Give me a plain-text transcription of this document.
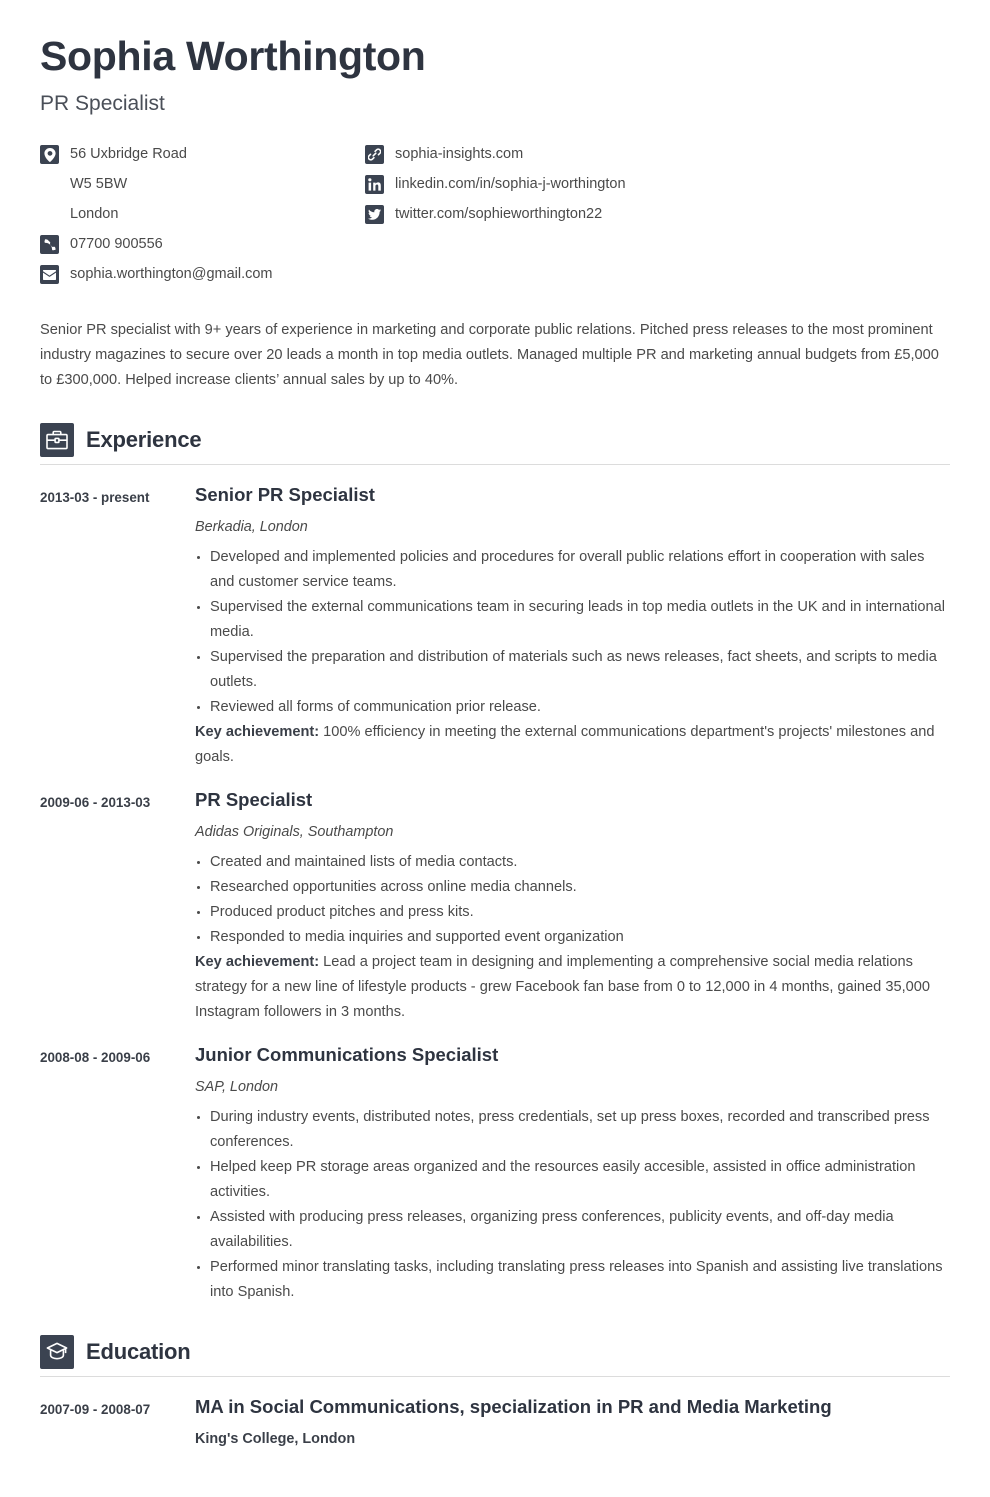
Sophia Worthington
PR Specialist
56 Uxbridge Road
W5 5BW
London
07700 900556
sophia.worthington@gmail.com
sophia-insights.com
linkedin.com/in/sophia-j-worthington
twitter.com/sophieworthington22

Senior PR specialist with 9+ years of experience in marketing and corporate public relations. Pitched press releases to the most prominent industry magazines to secure over 20 leads a month in top media outlets. Managed multiple PR and marketing annual budgets from £5,000 to £300,000. Helped increase clients’ annual sales by up to 40%.

Experience
2013-03 - present	Senior PR Specialist
Berkadia, London
Developed and implemented policies and procedures for overall public relations effort in cooperation with sales and customer service teams.
Supervised the external communications team in securing leads in top media outlets in the UK and in international media.
Supervised the preparation and distribution of materials such as news releases, fact sheets, and scripts to media outlets.
Reviewed all forms of communication prior release.

Key achievement: 100% efficiency in meeting the external communications department's projects' milestones and goals.

2009-06 - 2013-03	PR Specialist
Adidas Originals, Southampton
Created and maintained lists of media contacts.
Researched opportunities across online media channels.
Produced product pitches and press kits.
Responded to media inquiries and supported event organization

Key achievement: Lead a project team in designing and implementing a comprehensive social media relations strategy for a new line of lifestyle products - grew Facebook fan base from 0 to 12,000 in 4 months, gained 35,000 Instagram followers in 3 months.

2008-08 - 2009-06	Junior Communications Specialist
SAP, London
During industry events, distributed notes, press credentials, set up press boxes, recorded and transcribed press conferences.
Helped keep PR storage areas organized and the resources easily accesible, assisted in office administration activities.
Assisted with producing press releases, organizing press conferences, publicity events, and off-day media availabilities.
Performed minor translating tasks, including translating press releases into Spanish and assisting live translations into Spanish.
Education
2007-09 - 2008-07	MA in Social Communications, specialization in PR and Media Marketing
King's College, London
